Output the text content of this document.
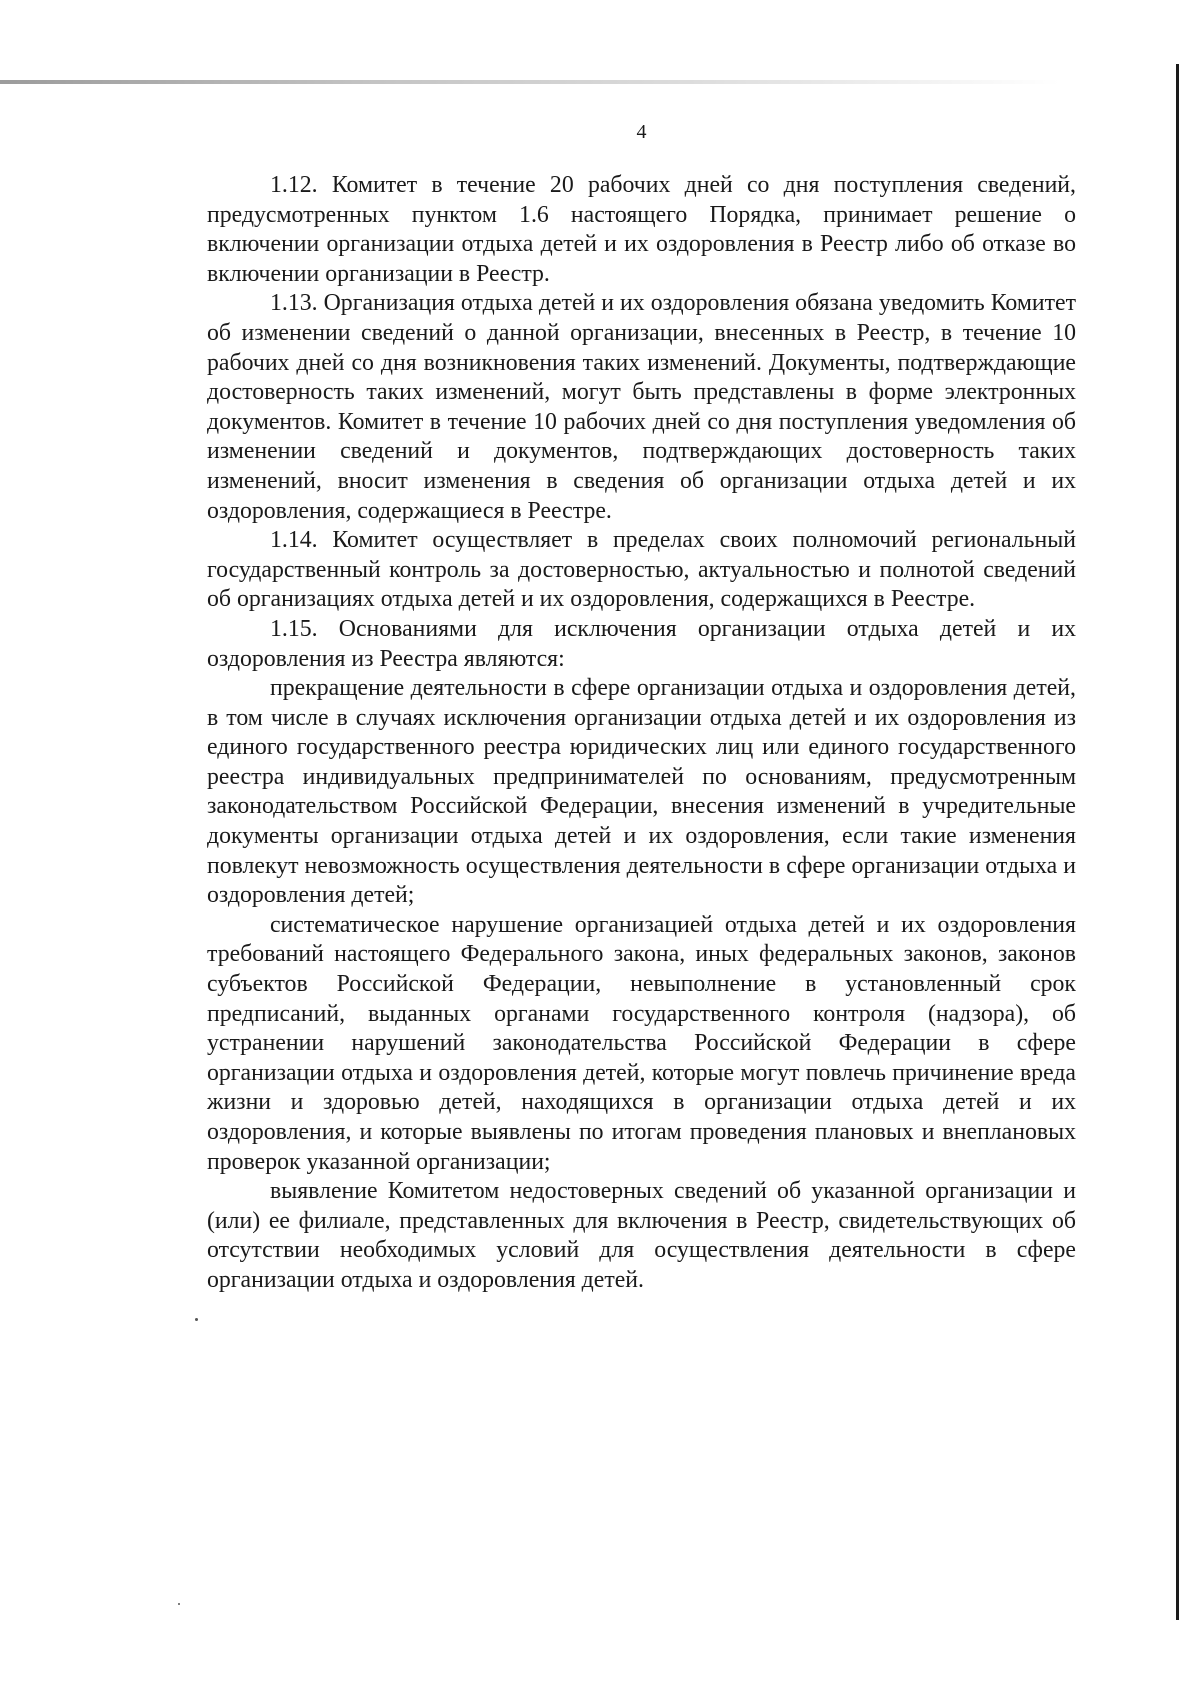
4

1.12. Комитет в течение 20 рабочих дней со дня поступления сведений, предусмотренных пунктом 1.6 настоящего Порядка, принимает решение о включении организации отдыха детей и их оздоровления в Реестр либо об отказе во включении организации в Реестр.

1.13. Организация отдыха детей и их оздоровления обязана уведомить Комитет об изменении сведений о данной организации, внесенных в Реестр, в течение 10 рабочих дней со дня возникновения таких изменений. Документы, подтверждающие достоверность таких изменений, могут быть представлены в форме электронных документов. Комитет в течение 10 рабочих дней со дня поступления уведомления об изменении сведений и документов, подтверждающих достоверность таких изменений, вносит изменения в сведения об организации отдыха детей и их оздоровления, содержащиеся в Реестре.

1.14. Комитет осуществляет в пределах своих полномочий региональный государственный контроль за достоверностью, актуальностью и полнотой сведений об организациях отдыха детей и их оздоровления, содержащихся в Реестре.

1.15. Основаниями для исключения организации отдыха детей и их оздоровления из Реестра являются:

прекращение деятельности в сфере организации отдыха и оздоровления детей, в том числе в случаях исключения организации отдыха детей и их оздоровления из единого государственного реестра юридических лиц или единого государственного реестра индивидуальных предпринимателей по основаниям, предусмотренным законодательством Российской Федерации, внесения изменений в учредительные документы организации отдыха детей и их оздоровления, если такие изменения повлекут невозможность осуществления деятельности в сфере организации отдыха и оздоровления детей;

систематическое нарушение организацией отдыха детей и их оздоровления требований настоящего Федерального закона, иных федеральных законов, законов субъектов Российской Федерации, невыполнение в установленный срок предписаний, выданных органами государственного контроля (надзора), об устранении нарушений законодательства Российской Федерации в сфере организации отдыха и оздоровления детей, которые могут повлечь причинение вреда жизни и здоровью детей, находящихся в организации отдыха детей и их оздоровления, и которые выявлены по итогам проведения плановых и внеплановых проверок указанной организации;

выявление Комитетом недостоверных сведений об указанной организации и (или) ее филиале, представленных для включения в Реестр, свидетельствующих об отсутствии необходимых условий для осуществления деятельности в сфере организации отдыха и оздоровления детей.
